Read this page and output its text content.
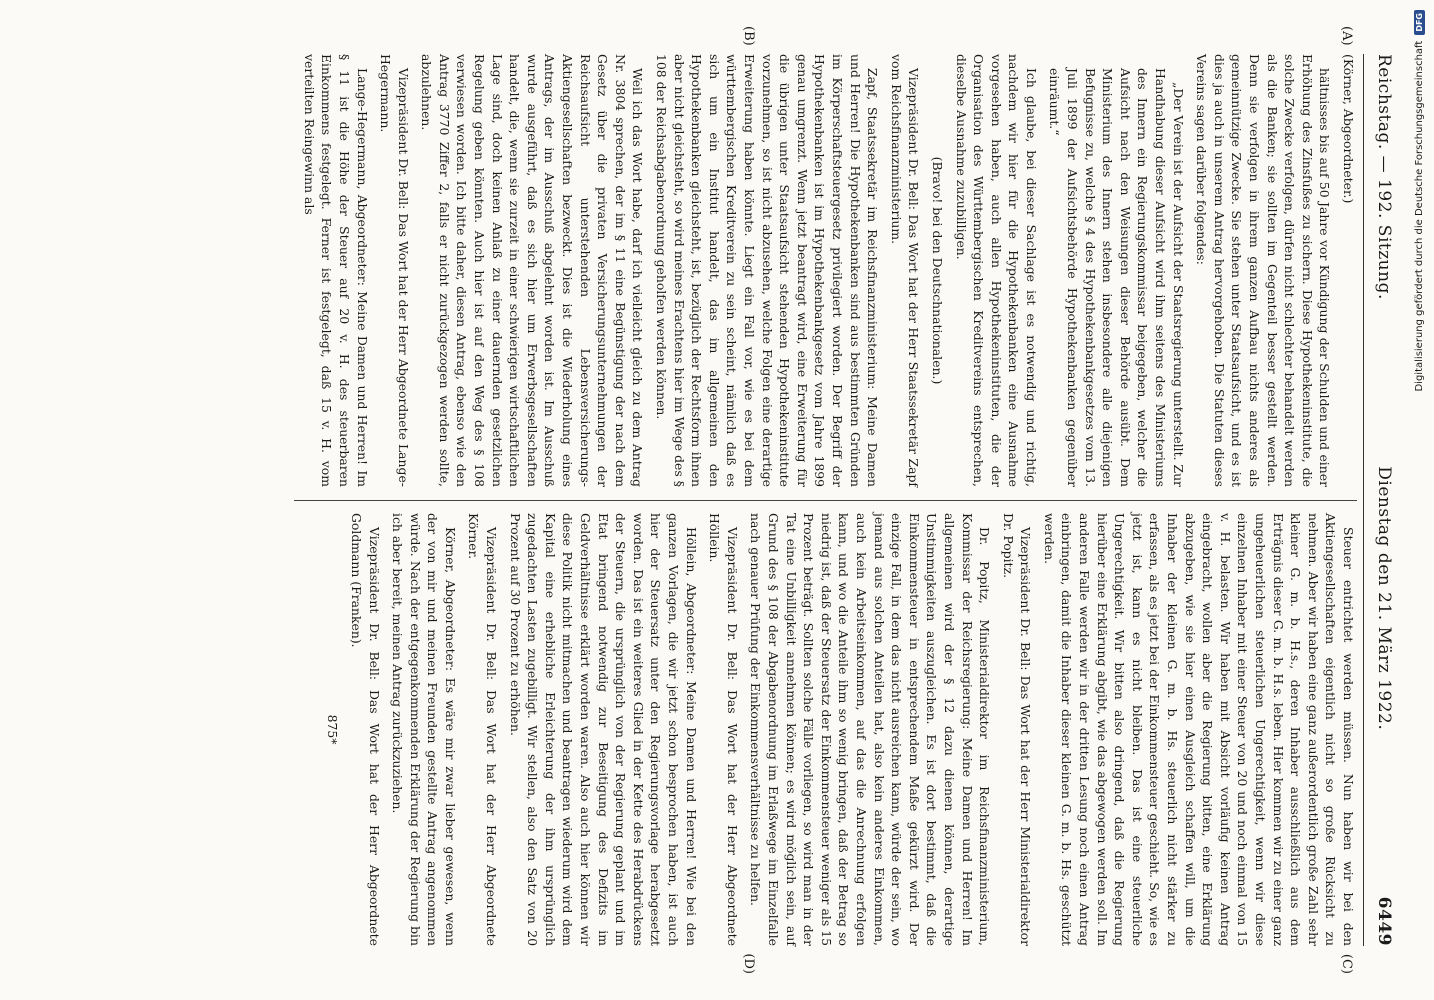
Digitalisierung gefördert durch die Deutsche Forschungsgemeinschaft
DFG
Reichstag. — 192. Sitzung.
Dienstag den 21. März 1922.
6449
(A)
(B)

(Körner, Abgeordneter.)

hältnisses bis auf 50 Jahre vor Kündigung der Schulden und einer Erhöhung des Zinsfußes zu sichern. Diese Hypothekeninstitute, die solche Zwecke verfolgen, dürfen nicht schlechter behandelt werden als die Banken; sie sollten im Gegenteil besser gestellt werden. Denn sie verfolgen in ihrem ganzen Aufbau nichts anderes als gemeinnützige Zwecke. Sie stehen unter Staatsaufsicht, und es ist dies ja auch in unserem Antrag hervorgehoben. Die Statuten dieses Vereins sagen darüber folgendes:

„Der Verein ist der Aufsicht der Staatsregierung unterstellt. Zur Handhabung dieser Aufsicht wird ihm seitens des Ministeriums des Innern ein Regierungskommissar beigegeben, welcher die Aufsicht nach den Weisungen dieser Behörde ausübt. Dem Ministerium des Innern stehen insbesondere alle diejenigen Befugnisse zu, welche § 4 des Hypothekenbankgesetzes vom 13. Juli 1899 der Aufsichtsbehörde Hypothekenbanken gegenüber einräumt.“

Ich glaube, bei dieser Sachlage ist es notwendig und richtig, nachdem wir hier für die Hypothekenbanken eine Ausnahme vorgesehen haben, auch allen Hypothekeninstituten, die der Organisation des Württembergischen Kreditvereins entsprechen, dieselbe Ausnahme zuzubilligen.

(Bravo! bei den Deutschnationalen.)

Vizepräsident Dr. Bell: Das Wort hat der Herr Staatssekretär Zapf vom Reichsfinanzministerium.

Zapf, Staatssekretär im Reichsfinanzministerium: Meine Damen und Herren! Die Hypothekenbanken sind aus bestimmten Gründen im Körperschaftsteuergesetz privilegiert worden. Der Begriff der Hypothekenbanken ist im Hypothekenbankgesetz vom Jahre 1899 genau umgrenzt. Wenn jetzt beantragt wird, eine Erweiterung für die übrigen unter Staatsaufsicht stehenden Hypothekeninstitute vorzunehmen, so ist nicht abzusehen, welche Folgen eine derartige Erweiterung haben könnte. Liegt ein Fall vor, wie es bei dem württembergischen Kreditverein zu sein scheint, nämlich daß es sich um ein Institut handelt, das im allgemeinen den Hypothekenbanken gleichsteht, ist, bezüglich der Rechtsform ihnen aber nicht gleichsteht, so wird meines Erachtens hier im Wege des § 108 der Reichsabgabenordnung geholfen werden können.

Weil ich das Wort habe, darf ich vielleicht gleich zu dem Antrag Nr. 3804 sprechen, der im § 11 eine Begünstigung der nach dem Gesetz über die privaten Versicherungsunternehmungen der Reichsaufsicht unterstehenden Lebensversicherungs-Aktiengesellschaften bezweckt. Dies ist die Wiederholung eines Antrags, der im Ausschuß abgelehnt worden ist. Im Ausschuß wurde ausgeführt, daß es sich hier um Erwerbsgesellschaften handelt, die, wenn sie zurzeit in einer schwierigen wirtschaftlichen Lage sind, doch keinen Anlaß zu einer dauernden gesetzlichen Regelung geben könnten. Auch hier ist auf den Weg des § 108 verwiesen worden. Ich bitte daher, diesen Antrag, ebenso wie den Antrag 3770 Ziffer 2, falls er nicht zurückgezogen werden sollte, abzulehnen.

Vizepräsident Dr. Bell: Das Wort hat der Herr Abgeordnete Lange-Hegermann.

Lange-Hegermann, Abgeordneter: Meine Damen und Herren! Im § 11 ist die Höhe der Steuer auf 20 v. H. des steuerbaren Einkommens festgelegt. Ferner ist festgelegt, daß 15 v. H. vom verteilten Reingewinn als

(C)
(D)

Steuer entrichtet werden müssen. Nun haben wir bei den Aktiengesellschaften eigentlich nicht so große Rücksicht zu nehmen. Aber wir haben eine ganz außerordentlich große Zahl sehr kleiner G. m. b. H.s., deren Inhaber ausschließlich aus dem Erträgnis dieser G. m. b. H.s. leben. Hier kommen wir zu einer ganz ungeheuerlichen steuerlichen Ungerechtigkeit, wenn wir diese einzelnen Inhaber mit einer Steuer von 20 und noch einmal von 15 v. H. belasten. Wir haben mit Absicht vorläufig keinen Antrag eingebracht, wollen aber die Regierung bitten, eine Erklärung abzugeben, wie sie hier einen Ausgleich schaffen will, um die Inhaber der kleinen G. m. b. Hs. steuerlich nicht stärker zu erfassen, als es jetzt bei der Einkommensteuer geschieht. So, wie es jetzt ist, kann es nicht bleiben. Das ist eine steuerliche Ungerechtigkeit. Wir bitten also dringend, daß die Regierung hierüber eine Erklärung abgibt, wie das abgewogen werden soll. Im anderen Falle werden wir in der dritten Lesung noch einen Antrag einbringen, damit die Inhaber dieser kleinen G. m. b. Hs. geschützt werden.

Vizepräsident Dr. Bell: Das Wort hat der Herr Ministerialdirektor Dr. Popitz.

Dr. Popitz, Ministerialdirektor im Reichsfinanzministerium, Kommissar der Reichsregierung: Meine Damen und Herren! Im allgemeinen wird der § 12 dazu dienen können, derartige Unstimmigkeiten auszugleichen. Es ist dort bestimmt, daß die Einkommensteuer in entsprechendem Maße gekürzt wird. Der einzige Fall, in dem das nicht ausreichen kann, würde der sein, wo jemand aus solchen Anteilen hat, also kein anderes Einkommen, auch kein Arbeitseinkommen, auf das die Anrechnung erfolgen kann, und wo die Anteile ihm so wenig bringen, daß der Betrag so niedrig ist, daß der Steuersatz der Einkommensteuer weniger als 15 Prozent beträgt. Sollten solche Fälle vorliegen, so wird man in der Tat eine Unbilligkeit annehmen können; es wird möglich sein, auf Grund des § 108 der Abgabenordnung im Erlaßwege im Einzelfalle nach genauer Prüfung der Einkommensverhältnisse zu helfen.

Vizepräsident Dr. Bell: Das Wort hat der Herr Abgeordnete Höllein.

Höllein, Abgeordneter: Meine Damen und Herren! Wie bei den ganzen Vorlagen, die wir jetzt schon besprochen haben, ist auch hier der Steuersatz unter den Regierungsvorlage herabgesetzt worden. Das ist ein weiteres Glied in der Kette des Herabdrückens der Steuern, die ursprünglich von der Regierung geplant und im Etat bringend notwendig zur Beseitigung des Defizits im Geldverhältnisse erklärt worden waren. Also auch hier können wir diese Politik nicht mitmachen und beantragen wiederum wird dem Kapital eine erhebliche Erleichterung der ihm ursprünglich zugedachten Lasten zugebilligt. Wir stellen, also den Satz von 20 Prozent auf 30 Prozent zu erhöhen.

Vizepräsident Dr. Bell: Das Wort hat der Herr Abgeordnete Körner.

Körner, Abgeordneter: Es wäre mir zwar lieber gewesen, wenn der von mir und meinen Freunden gestellte Antrag angenommen würde. Nach der entgegenkommenden Erklärung der Regierung bin ich aber bereit, meinen Antrag zurückzuziehen.

Vizepräsident Dr. Bell: Das Wort hat der Herr Abgeordnete Goldmann (Franken).

875*
